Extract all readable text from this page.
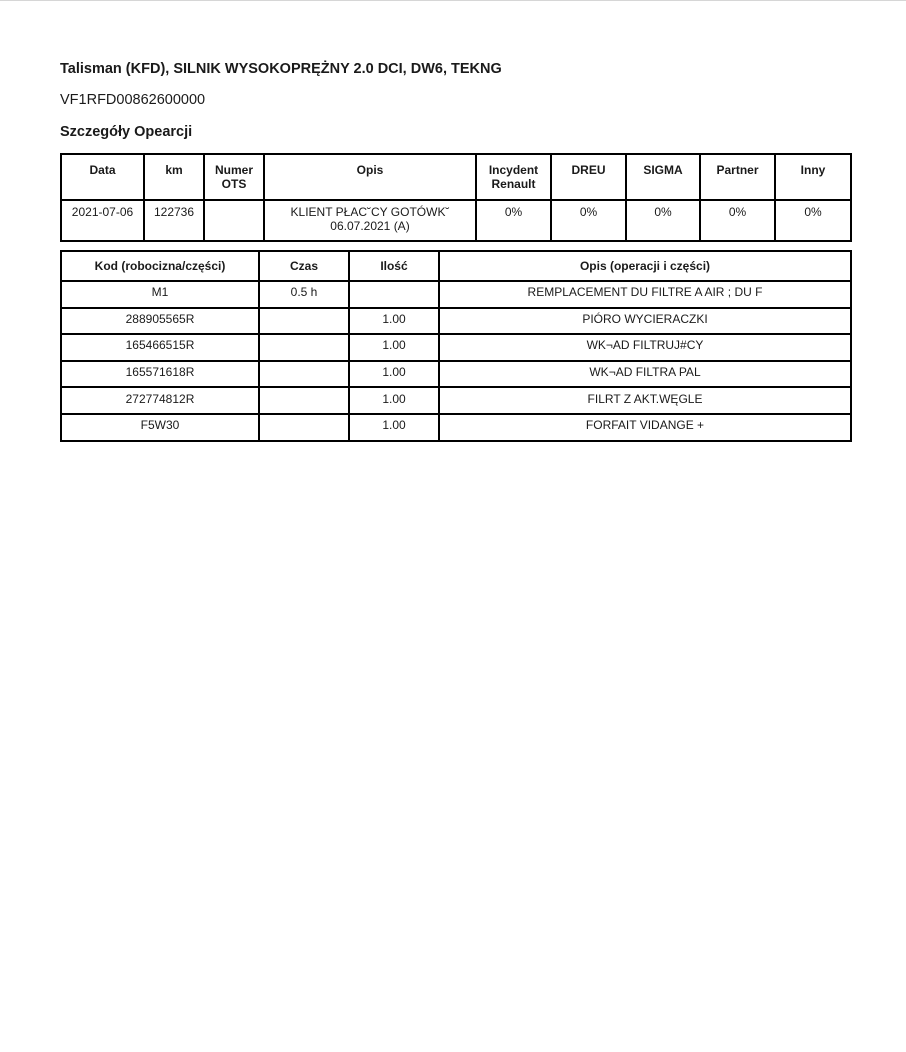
Talisman (KFD), SILNIK WYSOKOPRĘŻNY 2.0 DCI, DW6, TEKNG
VF1RFD00862600000
Szczegóły Opearcji
Data	km	Numer OTS	Opis	Incydent Renault	DREU	SIGMA	Partner	Inny
2021-07-06	122736		KLIENT PŁAC˘CY GOTÓWK˘ 06.07.2021 (A)	0%	0%	0%	0%	0%
Kod (robocizna/części)	Czas	Ilość	Opis (operacji i części)
M1	0.5 h		REMPLACEMENT DU FILTRE A AIR ; DU F
288905565R		1.00	PIÓRO WYCIERACZKI
165466515R		1.00	WK¬AD FILTRUJ#CY
165571618R		1.00	WK¬AD FILTRA PAL
272774812R		1.00	FILRT Z AKT.WĘGLE
F5W30		1.00	FORFAIT VIDANGE +
